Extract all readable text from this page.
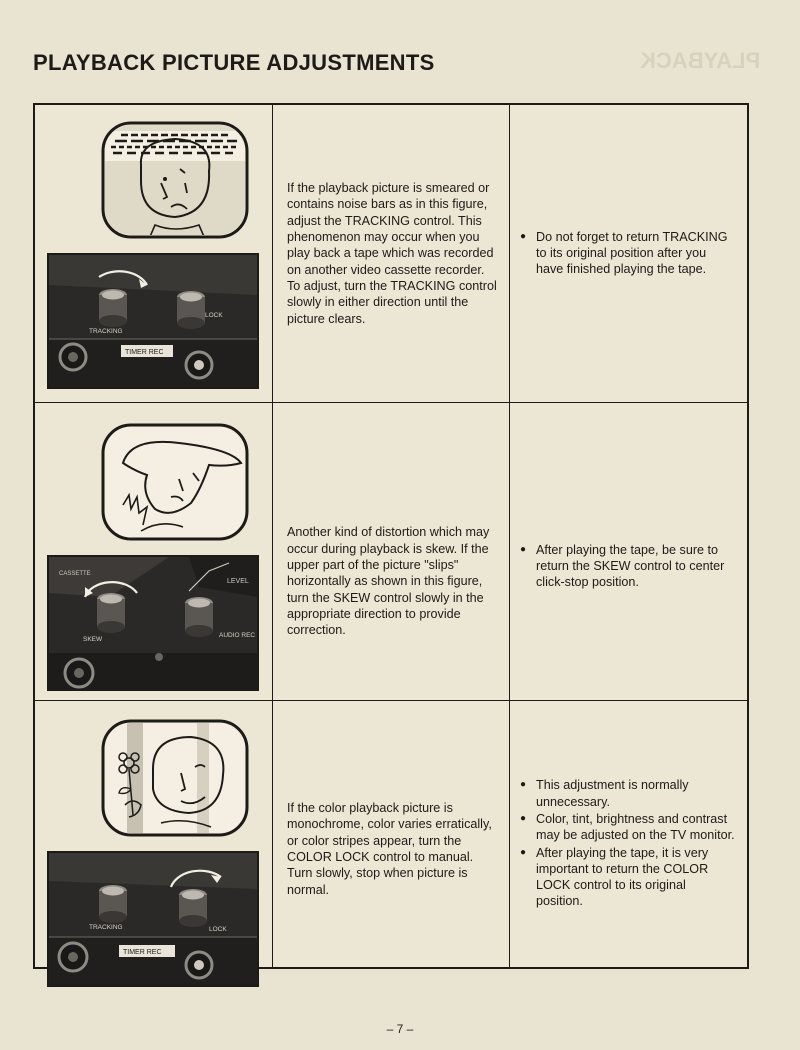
PLAYBACK PICTURE ADJUSTMENTS	PLAYBACK
TRACKING
LOCK
TIMER REC

If the playback picture is smeared or contains noise bars as in this figure, adjust the TRACKING control. This phenomenon may occur when you play back a tape which was recorded on another video cassette recorder. To adjust, turn the TRACKING control slowly in either direction until the picture clears.

● Do not forget to return TRACKING to its original position after you have finished playing the tape.
CASSETTE
LEVEL
SKEW
AUDIO REC

Another kind of distortion which may occur during playback is skew. If the upper part of the picture "slips" horizontally as shown in this figure, turn the SKEW control slowly in the appropriate direction to provide correction.

● After playing the tape, be sure to return the SKEW control to center click-stop position.
TRACKING	LOCK
TIMER REC

If the color playback picture is monochrome, color varies erratically, or color stripes appear, turn the COLOR LOCK control to manual. Turn slowly, stop when picture is normal.

● This adjustment is normally unnecessary.
● Color, tint, brightness and contrast may be adjusted on the TV monitor.
● After playing the tape, it is very important to return the COLOR LOCK control to its original position.
– 7 –
